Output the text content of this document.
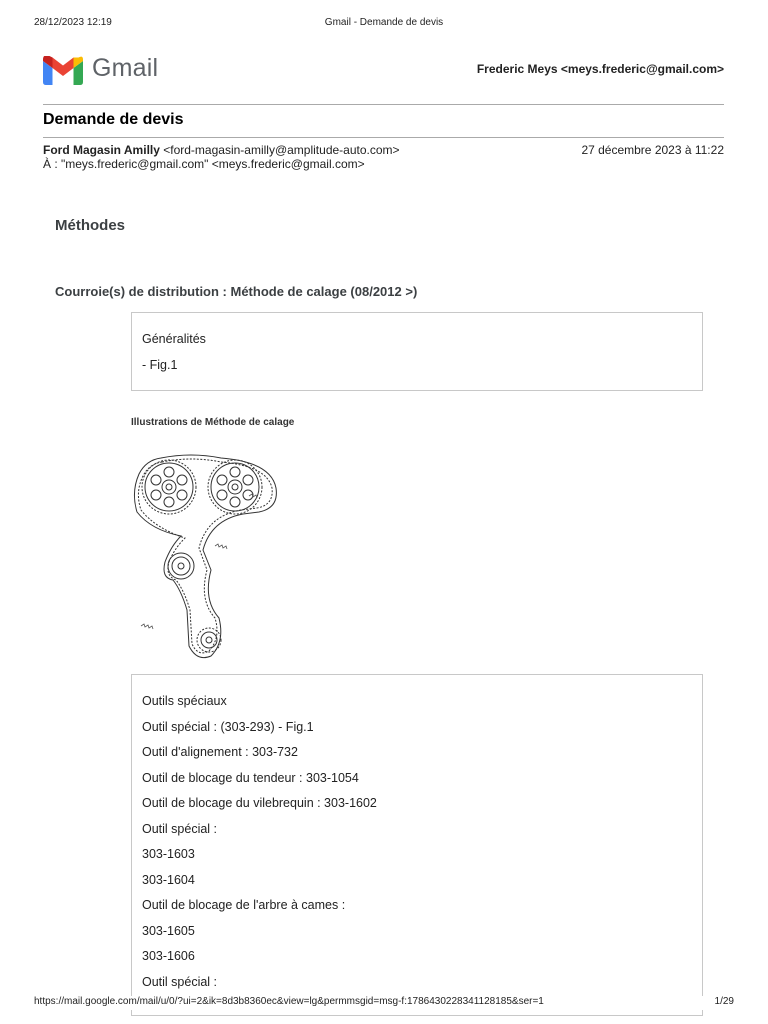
28/12/2023 12:19	Gmail - Demande de devis
Gmail	Frederic Meys <meys.frederic@gmail.com>
Demande de devis
Ford Magasin Amilly <ford-magasin-amilly@amplitude-auto.com>	27 décembre 2023 à 11:22
À : "meys.frederic@gmail.com" <meys.frederic@gmail.com>
Méthodes
Courroie(s) de distribution : Méthode de calage (08/2012 >)
Généralités
- Fig.1
Illustrations de Méthode de calage
Outils spéciaux
Outil spécial : (303-293) - Fig.1
Outil d'alignement : 303-732
Outil de blocage du tendeur : 303-1054
Outil de blocage du vilebrequin : 303-1602
Outil spécial :
303-1603
303-1604
Outil de blocage de l'arbre à cames :
303-1605
303-1606
Outil spécial :
https://mail.google.com/mail/u/0/?ui=2&ik=8d3b8360ec&view=lg&permmsgid=msg-f:1786430228341128185&ser=1	1/29
